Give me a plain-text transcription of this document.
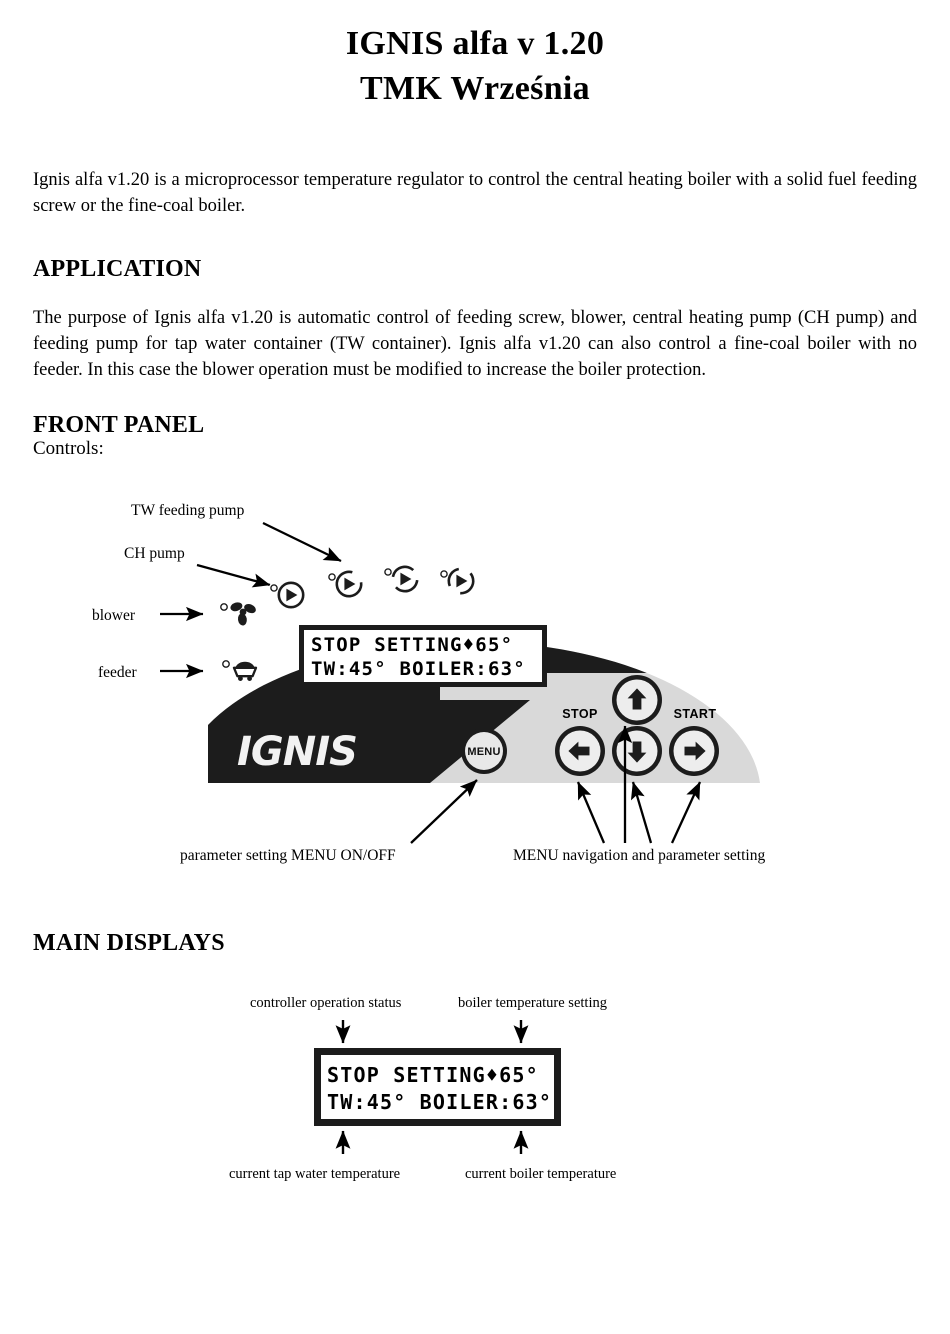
IGNIS alfa v 1.20
TMK Września

Ignis alfa v1.20 is a microprocessor temperature regulator to control the central heating boiler with a solid fuel feeding screw or the fine-coal boiler.

APPLICATION

The purpose of Ignis alfa v1.20 is automatic control of feeding screw, blower, central heating pump (CH pump) and feeding pump for tap water container (TW container). Ignis alfa v1.20 can also control a fine-coal boiler with no feeder. In this case the blower operation must be modified to increase the boiler protection.

FRONT PANEL
Controls:
TW feeding pump
CH pump
blower
feeder
STOP SETTING♦65°
TW:45° BOILER:63°
IGNIS	MENU
STOP	START
parameter setting MENU ON/OFF	MENU navigation and parameter setting
MAIN DISPLAYS
controller operation status	boiler temperature setting
STOP SETTING♦65°
TW:45° BOILER:63°
current tap water temperature	current boiler temperature
